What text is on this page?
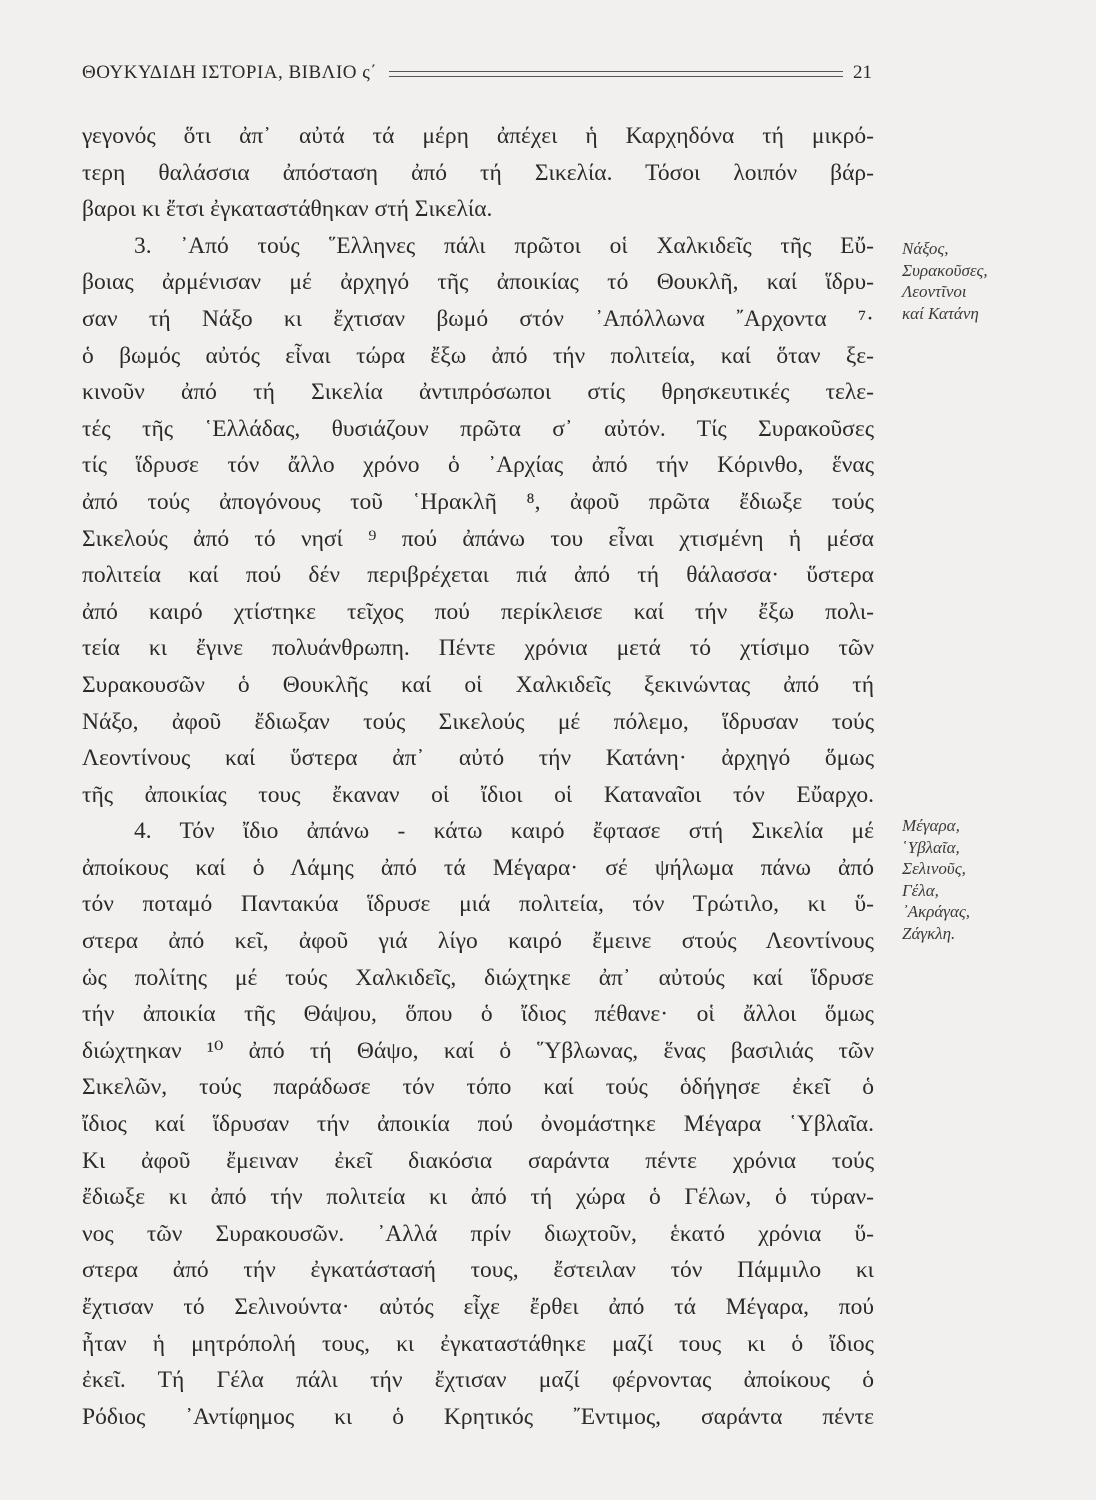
ΘΟΥΚΥΔΙΔΗ ΙΣΤΟΡΙΑ, ΒΙΒΛΙΟ ς΄	21
γεγονός ὅτι ἀπ᾽ αὐτά τά μέρη ἀπέχει ἡ Καρχηδόνα τή μικρό-
τερη θαλάσσια ἀπόσταση ἀπό τή Σικελία. Τόσοι λοιπόν βάρ-
βαροι κι ἔτσι ἐγκαταστάθηκαν στή Σικελία.
3. ᾽Από τούς ῞Ελληνες πάλι πρῶτοι οἱ Χαλκιδεῖς τῆς Εὔ-
βοιας ἀρμένισαν μέ ἀρχηγό τῆς ἀποικίας τό Θουκλῆ, καί ἵδρυ-
σαν τή Νάξο κι ἔχτισαν βωμό στόν ᾽Απόλλωνα ῎Αρχοντα ⁷·
ὁ βωμός αὐτός εἶναι τώρα ἔξω ἀπό τήν πολιτεία, καί ὅταν ξε-
κινοῦν ἀπό τή Σικελία ἀντιπρόσωποι στίς θρησκευτικές τελε-
τές τῆς ῾Ελλάδας, θυσιάζουν πρῶτα σ᾽ αὐτόν. Τίς Συρακοῦσες
τίς ἵδρυσε τόν ἄλλο χρόνο ὁ ᾽Αρχίας ἀπό τήν Κόρινθο, ἕνας
ἀπό τούς ἀπογόνους τοῦ ῾Ηρακλῆ ⁸, ἀφοῦ πρῶτα ἔδιωξε τούς
Σικελούς ἀπό τό νησί ⁹ πού ἀπάνω του εἶναι χτισμένη ἡ μέσα
πολιτεία καί πού δέν περιβρέχεται πιά ἀπό τή θάλασσα· ὕστερα
ἀπό καιρό χτίστηκε τεῖχος πού περίκλεισε καί τήν ἔξω πολι-
τεία κι ἔγινε πολυάνθρωπη. Πέντε χρόνια μετά τό χτίσιμο τῶν
Συρακουσῶν ὁ Θουκλῆς καί οἱ Χαλκιδεῖς ξεκινώντας ἀπό τή
Νάξο, ἀφοῦ ἔδιωξαν τούς Σικελούς μέ πόλεμο, ἵδρυσαν τούς
Λεοντίνους καί ὕστερα ἀπ᾽ αὐτό τήν Κατάνη· ἀρχηγό ὅμως
τῆς ἀποικίας τους ἔκαναν οἱ ἴδιοι οἱ Καταναῖοι τόν Εὔαρχο.
4. Τόν ἴδιο ἀπάνω - κάτω καιρό ἔφτασε στή Σικελία μέ
ἀποίκους καί ὁ Λάμης ἀπό τά Μέγαρα· σέ ψήλωμα πάνω ἀπό
τόν ποταμό Παντακύα ἵδρυσε μιά πολιτεία, τόν Τρώτιλο, κι ὕ-
στερα ἀπό κεῖ, ἀφοῦ γιά λίγο καιρό ἔμεινε στούς Λεοντίνους
ὡς πολίτης μέ τούς Χαλκιδεῖς, διώχτηκε ἀπ᾽ αὐτούς καί ἵδρυσε
τήν ἀποικία τῆς Θάψου, ὅπου ὁ ἴδιος πέθανε· οἱ ἄλλοι ὅμως
διώχτηκαν ¹⁰ ἀπό τή Θάψο, καί ὁ ῞Υβλωνας, ἕνας βασιλιάς τῶν
Σικελῶν, τούς παράδωσε τόν τόπο καί τούς ὁδήγησε ἐκεῖ ὁ
ἴδιος καί ἵδρυσαν τήν ἀποικία πού ὀνομάστηκε Μέγαρα ῾Υβλαῖα.
Κι ἀφοῦ ἔμειναν ἐκεῖ διακόσια σαράντα πέντε χρόνια τούς
ἔδιωξε κι ἀπό τήν πολιτεία κι ἀπό τή χώρα ὁ Γέλων, ὁ τύραν-
νος τῶν Συρακουσῶν. ᾽Αλλά πρίν διωχτοῦν, ἑκατό χρόνια ὕ-
στερα ἀπό τήν ἐγκατάστασή τους, ἔστειλαν τόν Πάμμιλο κι
ἔχτισαν τό Σελινούντα· αὐτός εἶχε ἔρθει ἀπό τά Μέγαρα, πού
ἦταν ἡ μητρόπολή τους, κι ἐγκαταστάθηκε μαζί τους κι ὁ ἴδιος
ἐκεῖ. Τή Γέλα πάλι τήν ἔχτισαν μαζί φέρνοντας ἀποίκους ὁ
Ρόδιος ᾽Αντίφημος κι ὁ Κρητικός ῎Εντιμος, σαράντα πέντε
Νάξος,
Συρακοῦσες,
Λεοντῖνοι
καί Κατάνη
Μέγαρα,
῾Υβλαῖα,
Σελινοῦς,
Γέλα,
᾽Ακράγας,
Ζάγκλη.
